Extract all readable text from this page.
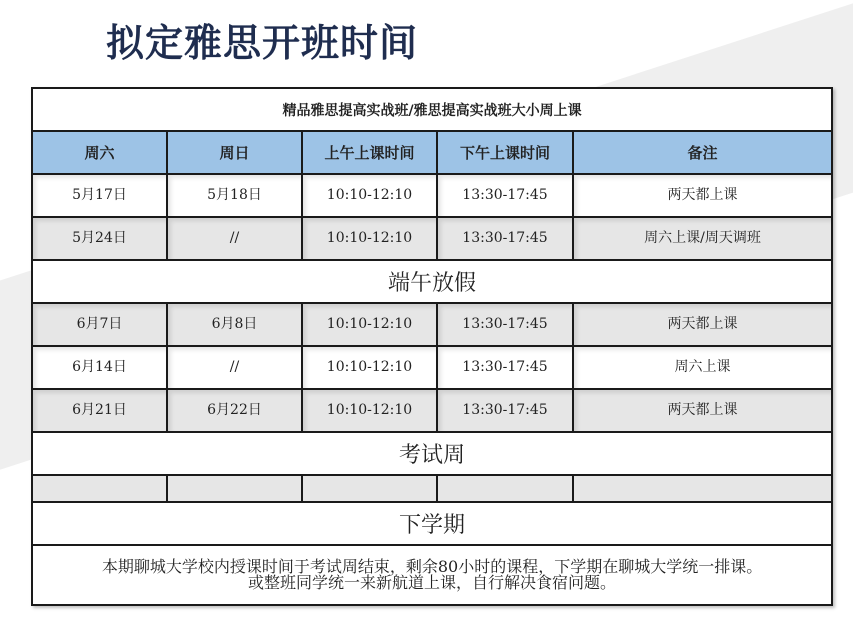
拟定雅思开班时间
精品雅思提高实战班/雅思提高实战班大小周上课				
周六	周日	上午上课时间	下午上课时间	备注

5月17日	5月18日	10:10-12:10	13:30-17:45	两天都上课

5月24日	//	10:10-12:10	13:30-17:45	周六上课/周天调班

端午放假				

6月7日	6月8日	10:10-12:10	13:30-17:45	两天都上课

6月14日	//	10:10-12:10	13:30-17:45	周六上课

6月21日	6月22日	10:10-12:10	13:30-17:45	两天都上课

考试周				

下学期				

本期聊城大学校内授课时间于考试周结束，剩余80小时的课程，下学期在聊城大学统一排课。
或整班同学统一来新航道上课，自行解决食宿问题。				
